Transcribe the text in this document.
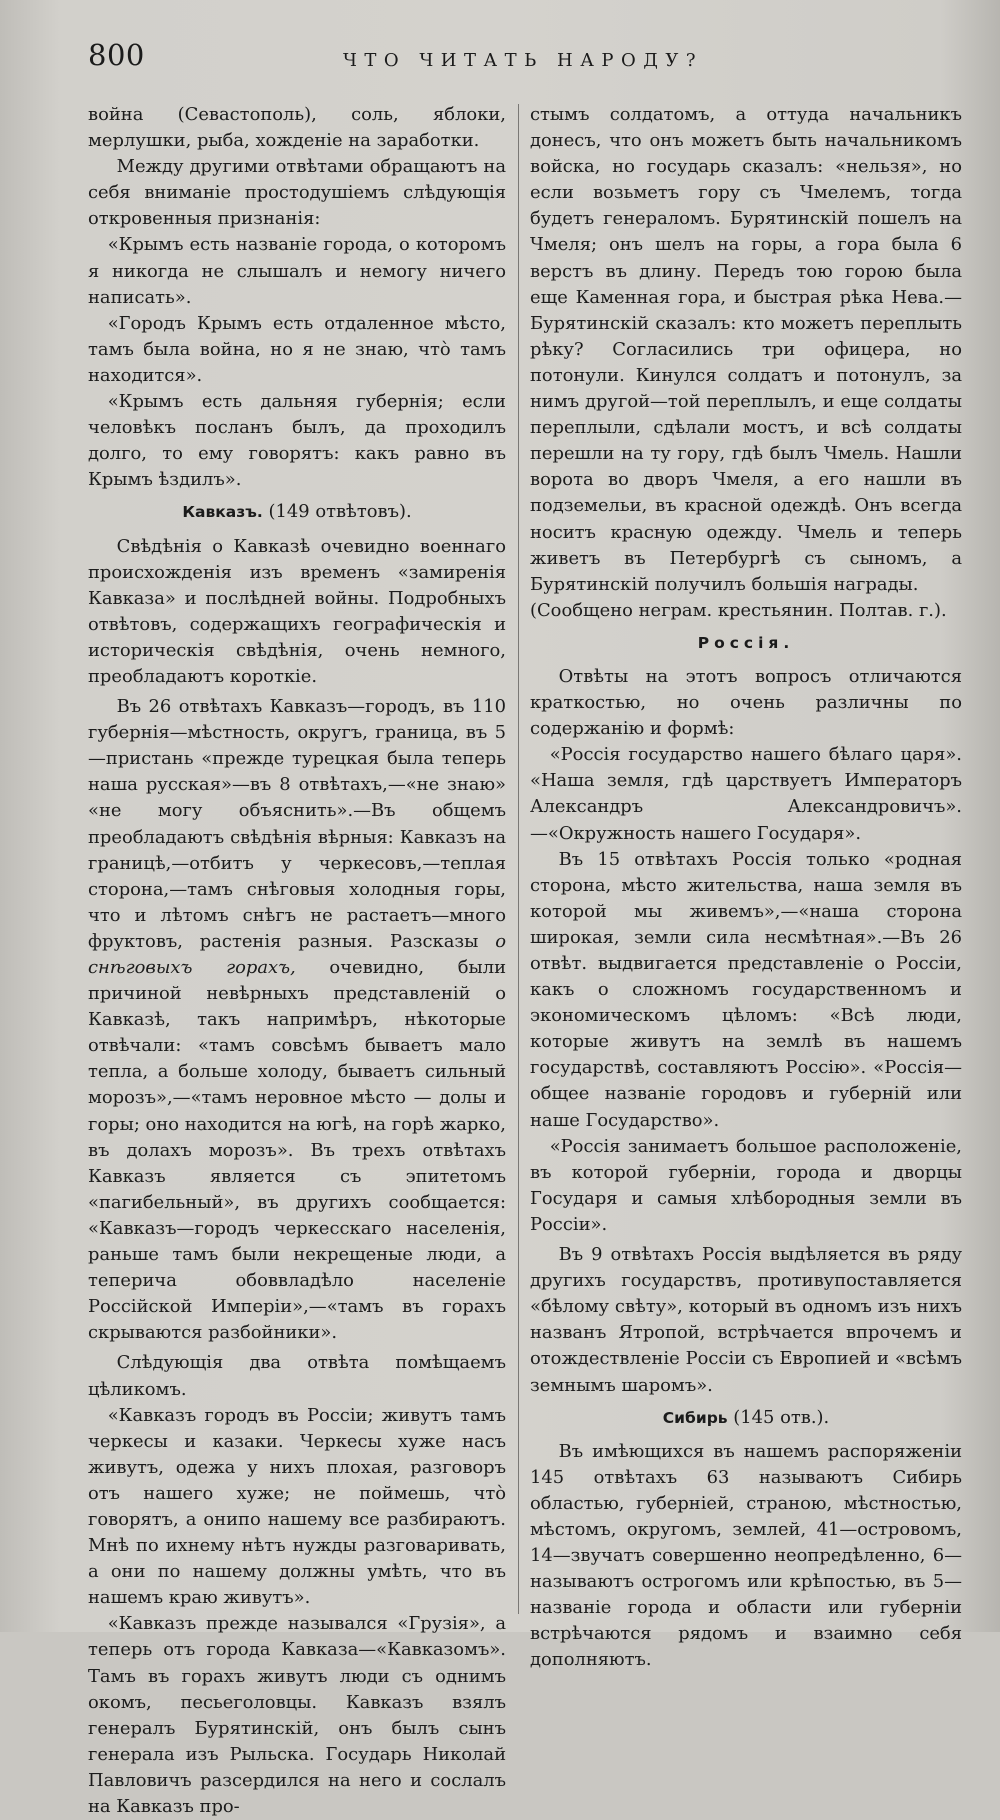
800	ЧТО ЧИТАТЬ НАРОДУ?

война (Севастополь), соль, яблоки, мерлушки, рыба, хожденіе на заработки.

Между другими отвѣтами обращаютъ на себя вниманіе простодушіемъ слѣдующія откровенныя признанія:

«Крымъ есть названіе города, о которомъ я никогда не слышалъ и немогу ничего написать».

«Городъ Крымъ есть отдаленное мѣсто, тамъ была война, но я не знаю, что̀ тамъ находится».

«Крымъ есть дальняя губернія; если человѣкъ посланъ былъ, да проходилъ долго, то ему говорятъ: какъ равно въ Крымъ ѣздилъ».

Кавказъ. (149 отвѣтовъ).

Свѣдѣнія о Кавказѣ очевидно военнаго происхожденія изъ временъ «замиренія Кавказа» и послѣдней войны. Подробныхъ отвѣтовъ, содержащихъ географическія и историческія свѣдѣнія, очень немного, преобладаютъ короткіе.

Въ 26 отвѣтахъ Кавказъ—городъ, въ 110 губернія—мѣстность, округъ, граница, въ 5—пристань «прежде турецкая была теперь наша русская»—въ 8 отвѣтахъ,—«не знаю» «не могу объяснить».—Въ общемъ преобладаютъ свѣдѣнія вѣрныя: Кавказъ на границѣ,—отбитъ у черкесовъ,—теплая сторона,—тамъ снѣговыя холодныя горы, что и лѣтомъ снѣгъ не растаетъ—много фруктовъ, растенія разныя. Разсказы о снѣговыхъ горахъ, очевидно, были причиной невѣрныхъ представленій о Кавказѣ, такъ напримѣръ, нѣкоторые отвѣчали: «тамъ совсѣмъ бываетъ мало тепла, а больше холоду, бываетъ сильный морозъ»,—«тамъ неровное мѣсто — долы и горы; оно находится на югѣ, на горѣ жарко, въ долахъ морозъ». Въ трехъ отвѣтахъ Кавказъ является съ эпитетомъ «пагибельный», въ другихъ сообщается: «Кавказъ—городъ черкесскаго населенія, раньше тамъ были некрещеные люди, а теперича обоввладѣло населеніе Россійской Имперіи»,—«тамъ въ горахъ скрываются разбойники».

Слѣдующія два отвѣта помѣщаемъ цѣликомъ.

«Кавказъ городъ въ Россіи; живутъ тамъ черкесы и казаки. Черкесы хуже насъ живутъ, одежа у нихъ плохая, разговоръ отъ нашего хуже; не поймешь, что̀ говорятъ, а онипо нашему все разбираютъ. Мнѣ по ихнему нѣтъ нужды разговаривать, а они по нашему должны умѣть, что въ нашемъ краю живутъ».

«Кавказъ прежде назывался «Грузія», а теперь отъ города Кавказа—«Кавказомъ». Тамъ въ горахъ живутъ люди съ однимъ окомъ, песьеголовцы. Кавказъ взялъ генералъ Бурятинскій, онъ былъ сынъ генерала изъ Рыльска. Государь Николай Павловичъ разсердился на него и сослалъ на Кавказъ про-

стымъ солдатомъ, а оттуда начальникъ донесъ, что онъ можетъ быть начальникомъ войска, но государь сказалъ: «нельзя», но если возьметъ гору съ Чмелемъ, тогда будетъ генераломъ. Бурятинскій пошелъ на Чмеля; онъ шелъ на горы, а гора была 6 верстъ въ длину. Передъ тою горою была еще Каменная гора, и быстрая рѣка Нева.— Бурятинскій сказалъ: кто можетъ переплыть рѣку? Согласились три офицера, но потонули. Кинулся солдатъ и потонулъ, за нимъ другой—той переплылъ, и еще солдаты переплыли, сдѣлали мостъ, и всѣ солдаты перешли на ту гору, гдѣ былъ Чмель. Нашли ворота во дворъ Чмеля, а его нашли въ подземельи, въ красной одеждѣ. Онъ всегда носитъ красную одежду. Чмель и теперь живетъ въ Петербургѣ съ сыномъ, а Бурятинскій получилъ большія награды.

(Сообщено неграм. крестьянин. Полтав. г.).

Россія.

Отвѣты на этотъ вопросъ отличаются краткостью, но очень различны по содержанію и формѣ:

«Россія государство нашего бѣлаго царя». «Наша земля, гдѣ царствуетъ Императоръ Александръ Александровичъ».—«Окружность нашего Государя».

Въ 15 отвѣтахъ Россія только «родная сторона, мѣсто жительства, наша земля въ которой мы живемъ»,—«наша сторона широкая, земли сила несмѣтная».—Въ 26 отвѣт. выдвигается представленіе о Россіи, какъ о сложномъ государственномъ и экономическомъ цѣломъ: «Всѣ люди, которые живутъ на землѣ въ нашемъ государствѣ, составляютъ Россію». «Россія—общее названіе городовъ и губерній или наше Государство».

«Россія занимаетъ большое расположеніе, въ которой губерніи, города и дворцы Государя и самыя хлѣбородныя земли въ Россіи».

Въ 9 отвѣтахъ Россія выдѣляется въ ряду другихъ государствъ, противупоставляется «бѣлому свѣту», который въ одномъ изъ нихъ названъ Ятропой, встрѣчается впрочемъ и отождествленіе Россіи съ Европией и «всѣмъ земнымъ шаромъ».

Сибирь (145 отв.).

Въ имѣющихся въ нашемъ распоряженіи 145 отвѣтахъ 63 называютъ Сибирь областью, губерніей, страною, мѣстностью, мѣстомъ, округомъ, землей, 41—островомъ, 14—звучатъ совершенно неопредѣленно, 6—называютъ острогомъ или крѣпостью, въ 5—названіе города и области или губерніи встрѣчаются рядомъ и взаимно себя дополняютъ.
